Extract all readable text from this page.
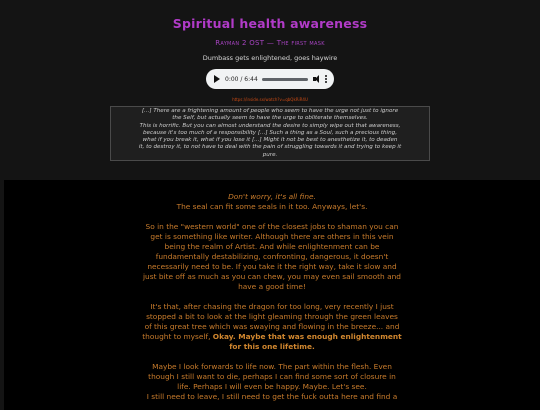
Spiritual health awareness
Rayman 2 OST — The first mask
Dumbass gets enlightened, goes haywire
0:00 / 6:44
https://inside.sx/watch?v=qbQkRiR4U
[...] There are a frightening amount of people who seem to have the urge not just to ignore
the Self, but actually seem to have the urge to obliterate themselves.
This is horrific. But you can almost understand the desire to simply wipe out that awareness,
because it's too much of a responsibility [...] Such a thing as a Soul, such a precious thing,
what if you break it, what if you lose it [...] Might it not be best to anesthetize it, to deaden
it, to destroy it, to not have to deal with the pain of struggling towards it and trying to keep it
pure.

Don't worry, it's all fine.

The seal can fit some seals in it too. Anyways, let's.

So in the "western world" one of the closest jobs to shaman you can

get is something like writer. Although there are others in this vein

being the realm of Artist. And while enlightenment can be

fundamentally destabilizing, confronting, dangerous, it doesn't

necessarily need to be. If you take it the right way, take it slow and

just bite off as much as you can chew, you may even sail smooth and

have a good time!

It's that, after chasing the dragon for too long, very recently I just

stopped a bit to look at the light gleaming through the green leaves

of this great tree which was swaying and flowing in the breeze... and

thought to myself, Okay. Maybe that was enough enlightenment

for this one lifetime.

Maybe I look forwards to life now. The part within the flesh. Even

though I still want to die, perhaps I can find some sort of closure in

life. Perhaps I will even be happy. Maybe. Let's see.

I still need to leave, I still need to get the fuck outta here and find a
